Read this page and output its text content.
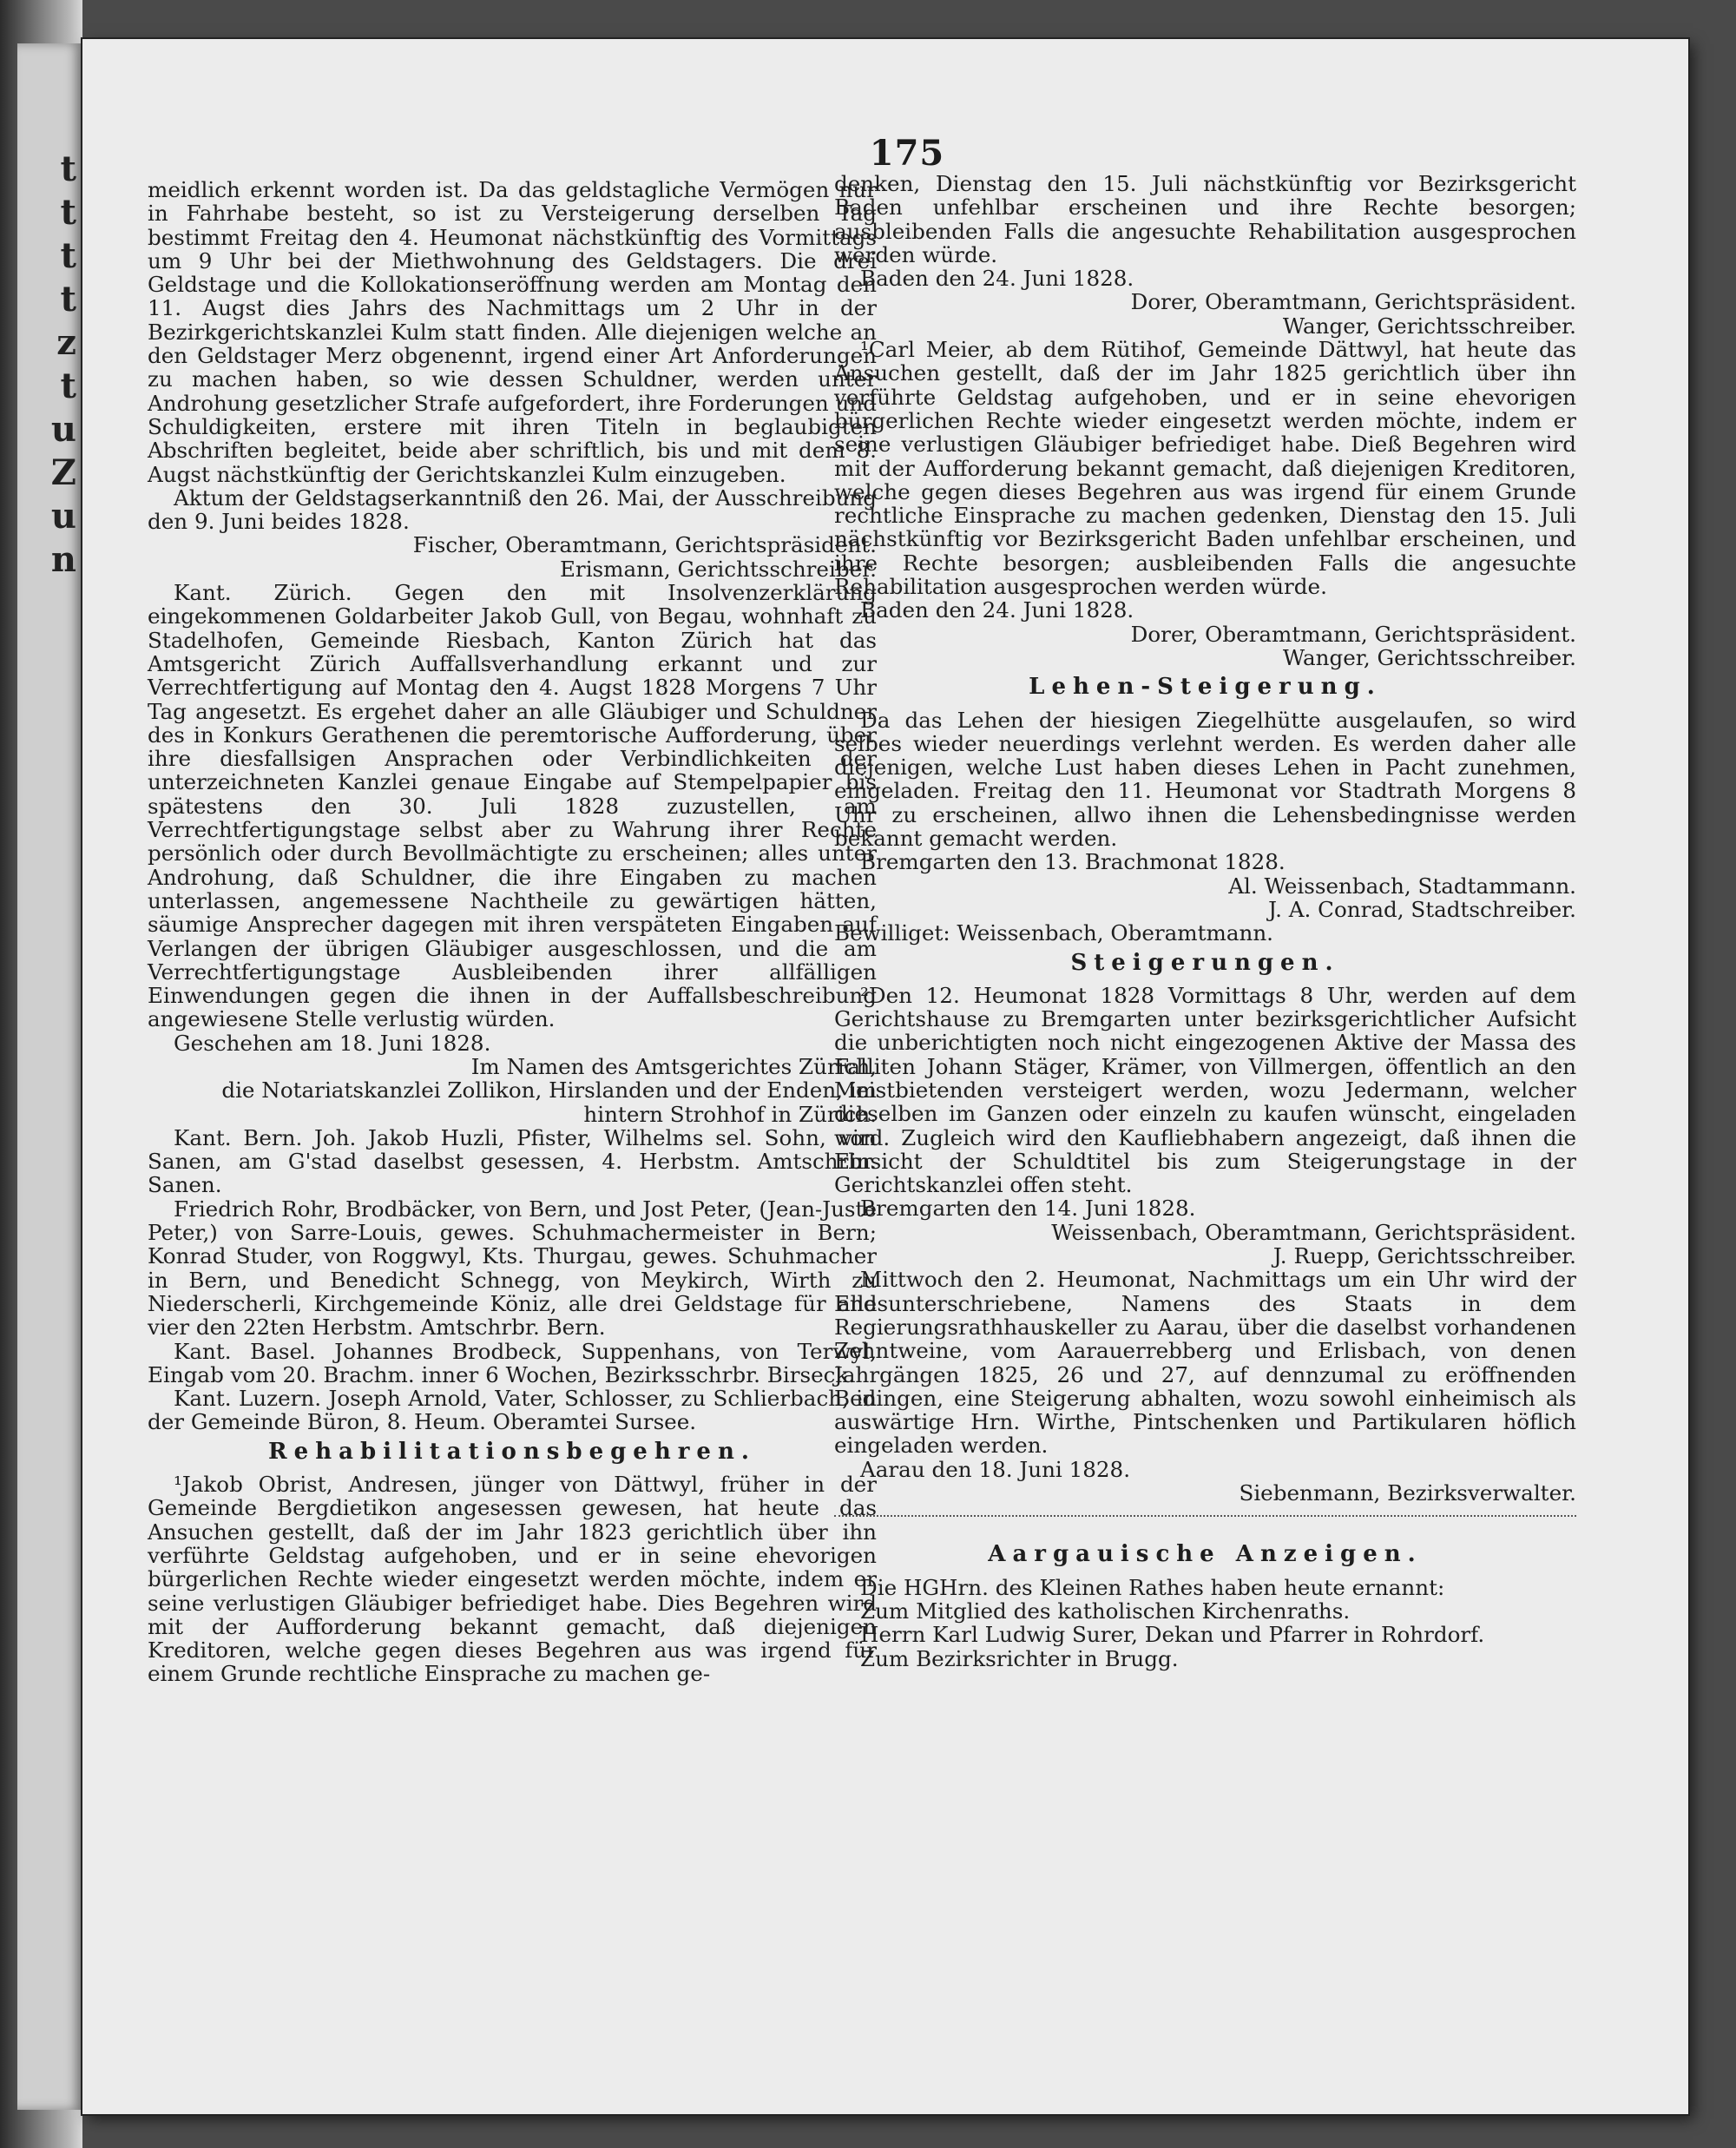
t
t
t
t
z
t
u
Z
u
n
175

meidlich erkennt worden ist. Da das geldstagliche Vermögen nur in Fahrhabe besteht, so ist zu Versteigerung derselben Tag bestimmt Freitag den 4. Heumonat nächstkünftig des Vormittags um 9 Uhr bei der Miethwohnung des Geldstagers. Die drei Geldstage und die Kollokationseröffnung werden am Montag den 11. Augst dies Jahrs des Nachmittags um 2 Uhr in der Bezirkgerichtskanzlei Kulm statt finden. Alle diejenigen welche an den Geldstager Merz obgenennt, irgend einer Art Anforderungen zu machen haben, so wie dessen Schuldner, werden unter Androhung gesetzlicher Strafe aufgefordert, ihre Forderungen und Schuldigkeiten, erstere mit ihren Titeln in beglaubigten Abschriften begleitet, beide aber schriftlich, bis und mit dem 8. Augst nächstkünftig der Gerichtskanzlei Kulm einzugeben.

Aktum der Geldstagserkanntniß den 26. Mai, der Ausschreibung den 9. Juni beides 1828.

Fischer, Oberamtmann, Gerichtspräsident.

Erismann, Gerichtsschreiber.

Kant. Zürich. Gegen den mit Insolvenzerklärung eingekommenen Goldarbeiter Jakob Gull, von Begau, wohnhaft zu Stadelhofen, Gemeinde Riesbach, Kanton Zürich hat das Amtsgericht Zürich Auffallsverhandlung erkannt und zur Verrechtfertigung auf Montag den 4. Augst 1828 Morgens 7 Uhr Tag angesetzt. Es ergehet daher an alle Gläubiger und Schuldner des in Konkurs Gerathenen die peremtorische Aufforderung, über ihre diesfallsigen Ansprachen oder Verbindlichkeiten der unterzeichneten Kanzlei genaue Eingabe auf Stempelpapier bis spätestens den 30. Juli 1828 zuzustellen, am Verrechtfertigungstage selbst aber zu Wahrung ihrer Rechte persönlich oder durch Bevollmächtigte zu erscheinen; alles unter Androhung, daß Schuldner, die ihre Eingaben zu machen unterlassen, angemessene Nachtheile zu gewärtigen hätten, säumige Ansprecher dagegen mit ihren verspäteten Eingaben auf Verlangen der übrigen Gläubiger ausgeschlossen, und die am Verrechtfertigungstage Ausbleibenden ihrer allfälligen Einwendungen gegen die ihnen in der Auffallsbeschreibung angewiesene Stelle verlustig würden.

Geschehen am 18. Juni 1828.

Im Namen des Amtsgerichtes Zürich,

die Notariatskanzlei Zollikon, Hirslanden und der Enden, im hintern Strohhof in Zürich.

Kant. Bern. Joh. Jakob Huzli, Pfister, Wilhelms sel. Sohn, von Sanen, am G'stad daselbst gesessen, 4. Herbstm. Amtschrbr. Sanen.

Friedrich Rohr, Brodbäcker, von Bern, und Jost Peter, (Jean-Juste Peter,) von Sarre-Louis, gewes. Schuhmachermeister in Bern; Konrad Studer, von Roggwyl, Kts. Thurgau, gewes. Schuhmacher in Bern, und Benedicht Schnegg, von Meykirch, Wirth zu Niederscherli, Kirchgemeinde Köniz, alle drei Geldstage für alle vier den 22ten Herbstm. Amtschrbr. Bern.

Kant. Basel. Johannes Brodbeck, Suppenhans, von Terwyl, Eingab vom 20. Brachm. inner 6 Wochen, Bezirksschrbr. Birseck.

Kant. Luzern. Joseph Arnold, Vater, Schlosser, zu Schlierbach, in der Gemeinde Büron, 8. Heum. Oberamtei Sursee.

Rehabilitationsbegehren.

¹Jakob Obrist, Andresen, jünger von Dättwyl, früher in der Gemeinde Bergdietikon angesessen gewesen, hat heute das Ansuchen gestellt, daß der im Jahr 1823 gerichtlich über ihn verführte Geldstag aufgehoben, und er in seine ehevorigen bürgerlichen Rechte wieder eingesetzt werden möchte, indem er seine verlustigen Gläubiger befriediget habe. Dies Begehren wird mit der Aufforderung bekannt gemacht, daß diejenigen Kreditoren, welche gegen dieses Begehren aus was irgend für einem Grunde rechtliche Einsprache zu machen ge-

denken, Dienstag den 15. Juli nächstkünftig vor Bezirksgericht Baden unfehlbar erscheinen und ihre Rechte besorgen; ausbleibenden Falls die angesuchte Rehabilitation ausgesprochen werden würde.

Baden den 24. Juni 1828.

Dorer, Oberamtmann, Gerichtspräsident.

Wanger, Gerichtsschreiber.

¹Carl Meier, ab dem Rütihof, Gemeinde Dättwyl, hat heute das Ansuchen gestellt, daß der im Jahr 1825 gerichtlich über ihn verführte Geldstag aufgehoben, und er in seine ehevorigen bürgerlichen Rechte wieder eingesetzt werden möchte, indem er seine verlustigen Gläubiger befriediget habe. Dieß Begehren wird mit der Aufforderung bekannt gemacht, daß diejenigen Kreditoren, welche gegen dieses Begehren aus was irgend für einem Grunde rechtliche Einsprache zu machen gedenken, Dienstag den 15. Juli nächstkünftig vor Bezirksgericht Baden unfehlbar erscheinen, und ihre Rechte besorgen; ausbleibenden Falls die angesuchte Rehabilitation ausgesprochen werden würde.

Baden den 24. Juni 1828.

Dorer, Oberamtmann, Gerichtspräsident.

Wanger, Gerichtsschreiber.

Lehen-Steigerung.

Da das Lehen der hiesigen Ziegelhütte ausgelaufen, so wird selbes wieder neuerdings verlehnt werden. Es werden daher alle diejenigen, welche Lust haben dieses Lehen in Pacht zunehmen, eingeladen. Freitag den 11. Heumonat vor Stadtrath Morgens 8 Uhr zu erscheinen, allwo ihnen die Lehensbedingnisse werden bekannt gemacht werden.

Bremgarten den 13. Brachmonat 1828.

Al. Weissenbach, Stadtammann.

J. A. Conrad, Stadtschreiber.

Bewilliget: Weissenbach, Oberamtmann.

Steigerungen.

²Den 12. Heumonat 1828 Vormittags 8 Uhr, werden auf dem Gerichtshause zu Bremgarten unter bezirksgerichtlicher Aufsicht die unberichtigten noch nicht eingezogenen Aktive der Massa des Falliten Johann Stäger, Krämer, von Villmergen, öffentlich an den Meistbietenden versteigert werden, wozu Jedermann, welcher dieselben im Ganzen oder einzeln zu kaufen wünscht, eingeladen wird. Zugleich wird den Kaufliebhabern angezeigt, daß ihnen die Einsicht der Schuldtitel bis zum Steigerungstage in der Gerichtskanzlei offen steht.

Bremgarten den 14. Juni 1828.

Weissenbach, Oberamtmann, Gerichtspräsident.

J. Ruepp, Gerichtsschreiber.

Mittwoch den 2. Heumonat, Nachmittags um ein Uhr wird der Endsunterschriebene, Namens des Staats in dem Regierungsrathhauskeller zu Aarau, über die daselbst vorhandenen Zehntweine, vom Aarauerrebberg und Erlisbach, von denen Jahrgängen 1825, 26 und 27, auf dennzumal zu eröffnenden Bedingen, eine Steigerung abhalten, wozu sowohl einheimisch als auswärtige Hrn. Wirthe, Pintschenken und Partikularen höflich eingeladen werden.

Aarau den 18. Juni 1828.

Siebenmann, Bezirksverwalter.

Aargauische Anzeigen.

Die HGHrn. des Kleinen Rathes haben heute ernannt:

Zum Mitglied des katholischen Kirchenraths.

Herrn Karl Ludwig Surer, Dekan und Pfarrer in Rohrdorf.

Zum Bezirksrichter in Brugg.
